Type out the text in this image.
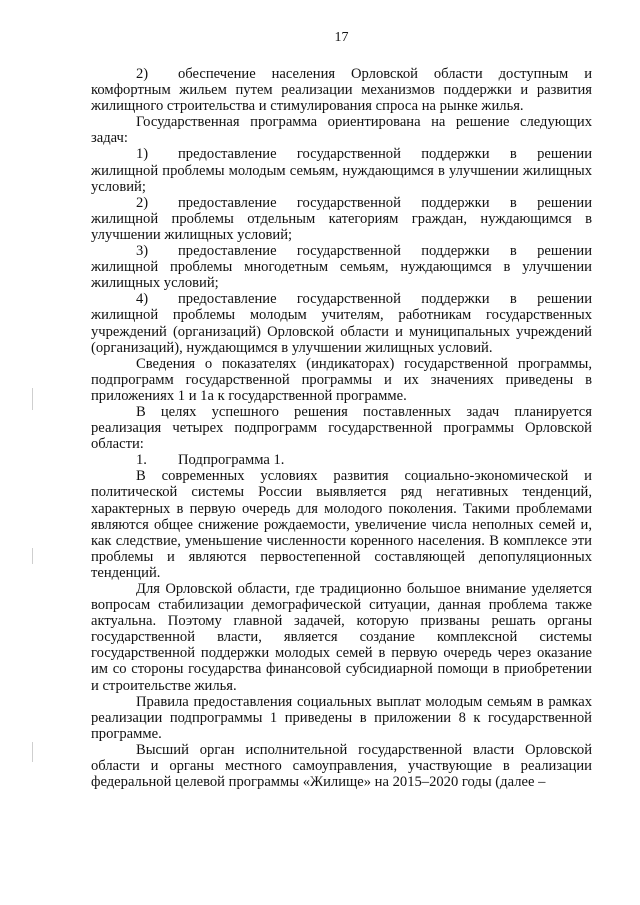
17

2) обеспечение населения Орловской области доступным и комфортным жильем путем реализации механизмов поддержки и развития жилищного строительства и стимулирования спроса на рынке жилья.

Государственная программа ориентирована на решение следующих задач:

1) предоставление государственной поддержки в решении жилищной проблемы молодым семьям, нуждающимся в улучшении жилищных условий;

2) предоставление государственной поддержки в решении жилищной проблемы отдельным категориям граждан, нуждающимся в улучшении жилищных условий;

3) предоставление государственной поддержки в решении жилищной проблемы многодетным семьям, нуждающимся в улучшении жилищных условий;

4) предоставление государственной поддержки в решении жилищной проблемы молодым учителям, работникам государственных учреждений (организаций) Орловской области и муниципальных учреждений (организаций), нуждающимся в улучшении жилищных условий.

Сведения о показателях (индикаторах) государственной программы, подпрограмм государственной программы и их значениях приведены в приложениях 1 и 1а к государственной программе.

В целях успешного решения поставленных задач планируется реализация четырех подпрограмм государственной программы Орловской области:

1. Подпрограмма 1.

В современных условиях развития социально-экономической и политической системы России выявляется ряд негативных тенденций, характерных в первую очередь для молодого поколения. Такими проблемами являются общее снижение рождаемости, увеличение числа неполных семей и, как следствие, уменьшение численности коренного населения. В комплексе эти проблемы и являются первостепенной составляющей депопуляционных тенденций.

Для Орловской области, где традиционно большое внимание уделяется вопросам стабилизации демографической ситуации, данная проблема также актуальна. Поэтому главной задачей, которую призваны решать органы государственной власти, является создание комплексной системы государственной поддержки молодых семей в первую очередь через оказание им со стороны государства финансовой субсидиарной помощи в приобретении и строительстве жилья.

Правила предоставления социальных выплат молодым семьям в рамках реализации подпрограммы 1 приведены в приложении 8 к государственной программе.

Высший орган исполнительной государственной власти Орловской области и органы местного самоуправления, участвующие в реализации федеральной целевой программы «Жилище» на 2015–2020 годы (далее –
